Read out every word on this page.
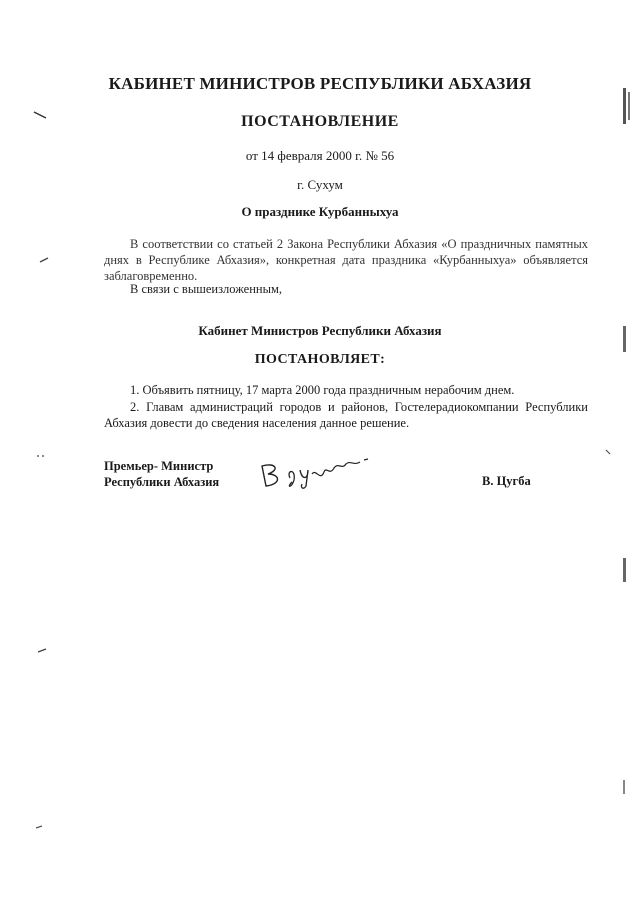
КАБИНЕТ МИНИСТРОВ РЕСПУБЛИКИ АБХАЗИЯ
ПОСТАНОВЛЕНИЕ
от 14 февраля 2000 г. № 56
г. Сухум
О празднике Курбанныхуа
В соответствии со статьей 2 Закона Республики Абхазия «О праздничных памятных днях в Республике Абхазия», конкретная дата праздника «Курбанныхуа» объявляется заблаговременно.
В связи с вышеизложенным,
Кабинет Министров Республики Абхазия
ПОСТАНОВЛЯЕТ:
1. Объявить пятницу, 17 марта 2000 года праздничным нерабочим днем.
2. Главам администраций городов и районов, Гостелерадиокомпании Республики Абхазия довести до сведения населения данное решение.
Премьер- Министр
Республики Абхазия	В. Цугба
